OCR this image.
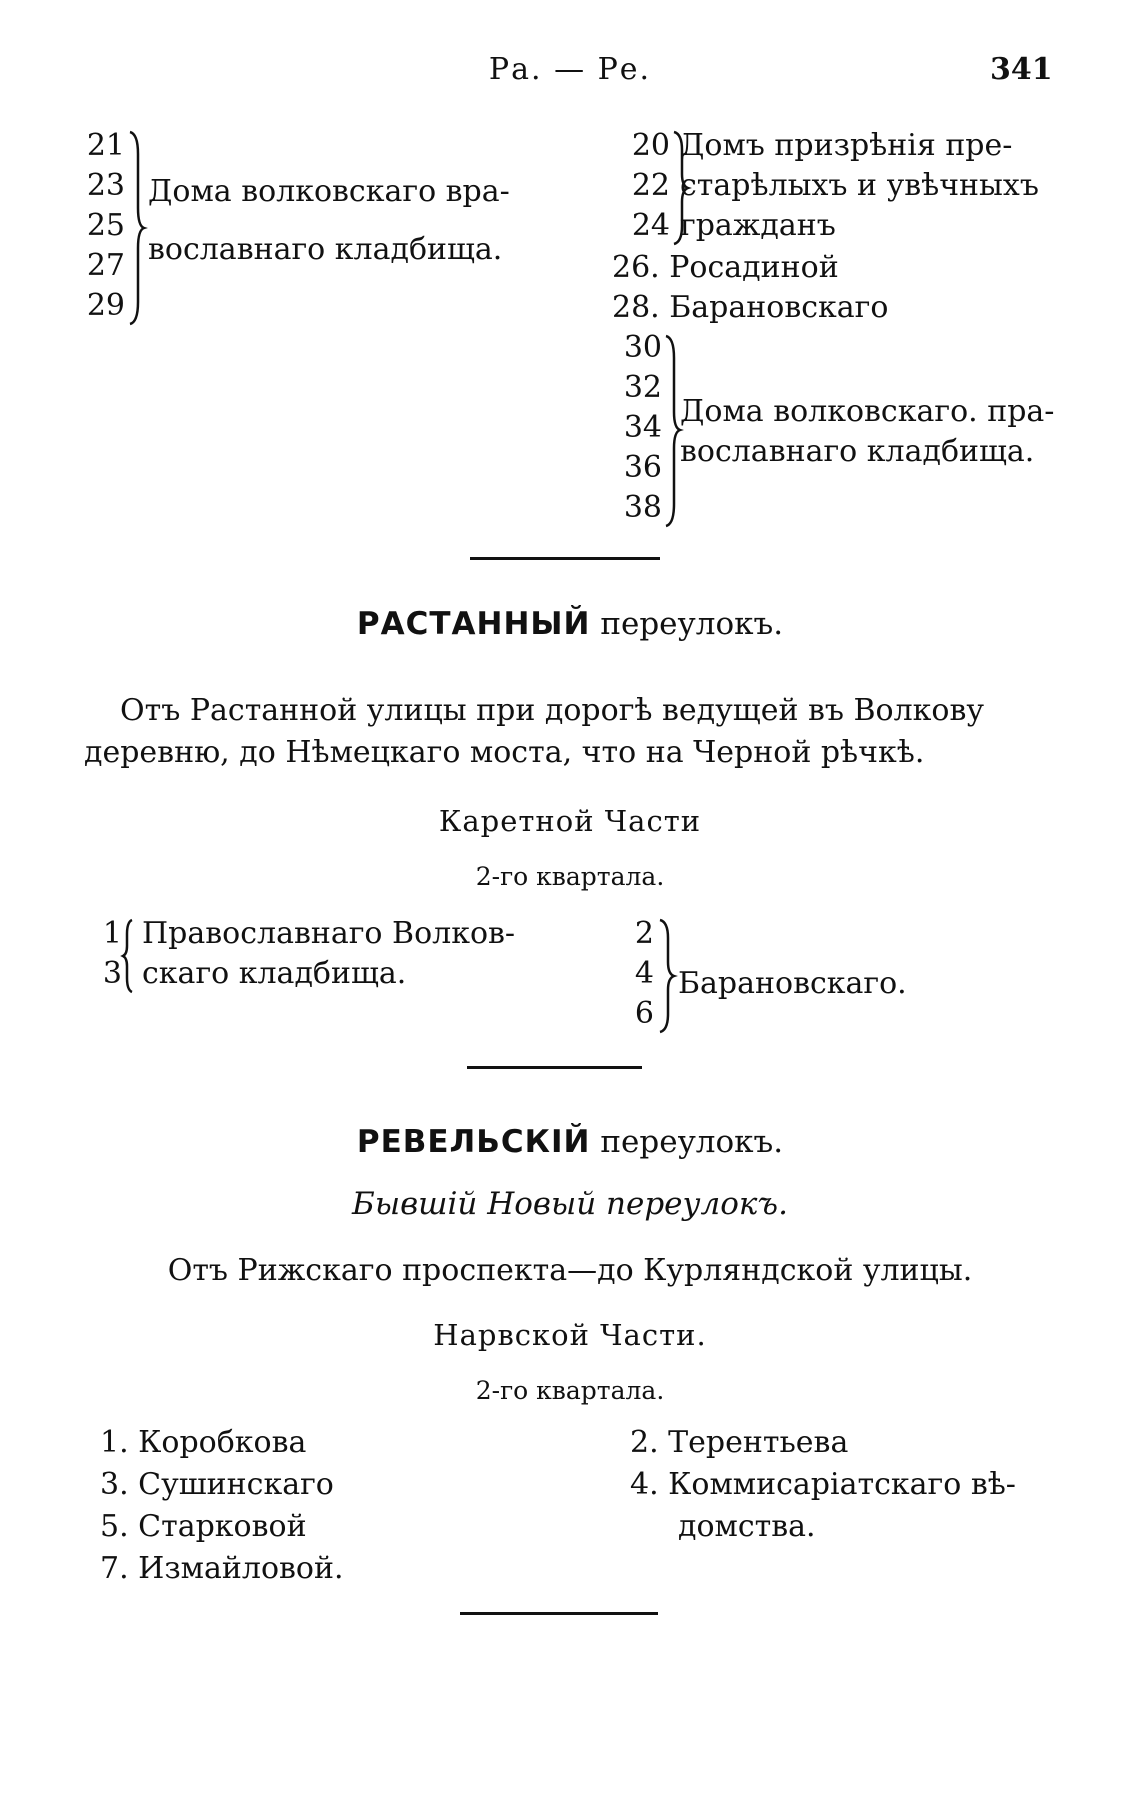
Ра. — Ре.	341
21
23
25
27
29
Дома волковскаго вра-
вославнаго кладбища.
20
22
24
Домъ призрѣнія пре-
старѣлыхъ и увѣчныхъ
гражданъ
26. Росадиной
28. Барановскаго
30
32
34
36
38
Дома волковскаго. пра-
вославнаго кладбища.
РАСТАННЫЙ переулокъ.
Отъ Растанной улицы при дорогѣ ведущей въ Волкову
деревню, до Нѣмецкаго моста, что на Черной рѣчкѣ.
Каретной Части
2-го квартала.
1
3
Православнаго Волков-
скаго кладбища.
2
4
6
Барановскаго.
РЕВЕЛЬСКІЙ переулокъ.
Бывшій Новый переулокъ.
Отъ Рижскаго проспекта—до Курляндской улицы.
Нарвской Части.
2-го квартала.
1. Коробкова
3. Сушинскаго
5. Старковой
7. Измайловой.
2. Терентьева
4. Коммисаріатскаго вѣ-
домства.
